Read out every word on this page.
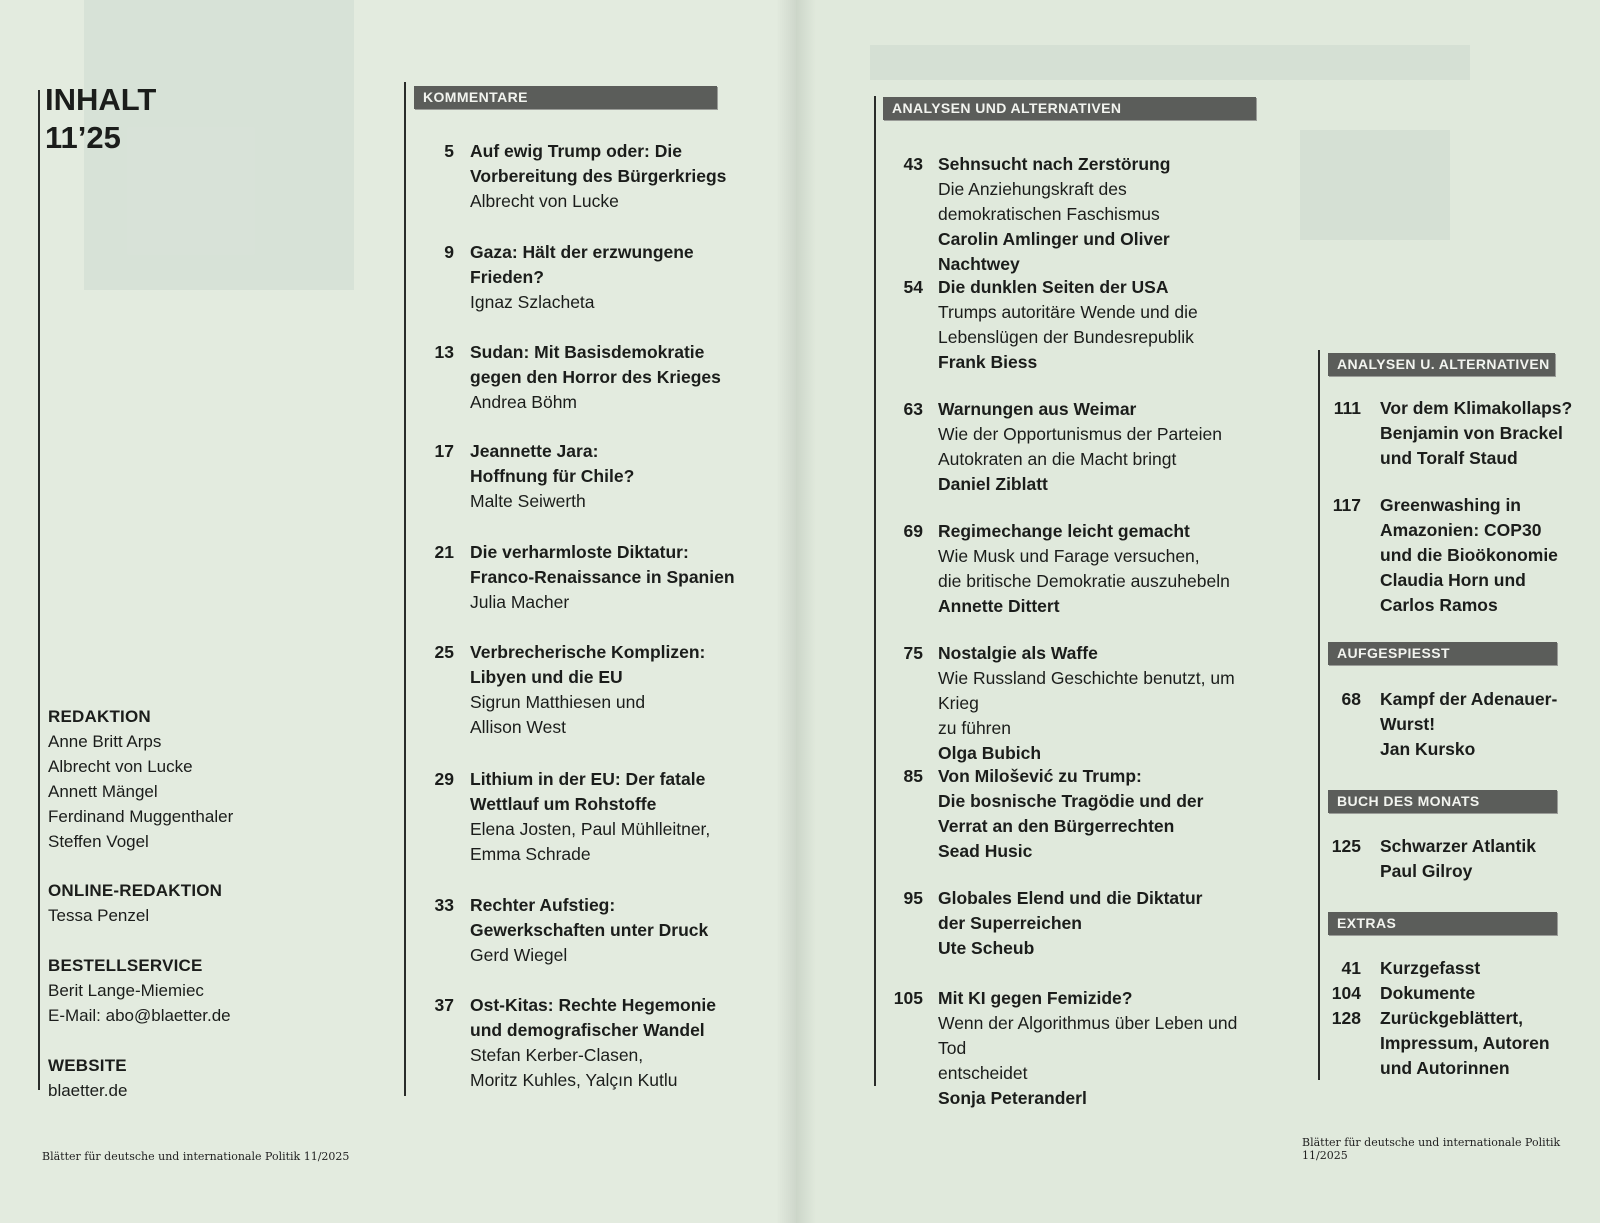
INHALT
11’25
REDAKTION
Anne Britt Arps
Albrecht von Lucke
Annett Mängel
Ferdinand Muggenthaler
Steffen Vogel
ONLINE-REDAKTION
Tessa Penzel
BESTELLSERVICE
Berit Lange-Miemiec
E-Mail: abo@blaetter.de
WEBSITE
blaetter.de
KOMMENTARE
ANALYSEN UND ALTERNATIVEN
ANALYSEN U. ALTERNATIVEN
AUFGESPIESST
BUCH DES MONATS
EXTRAS
5 Auf ewig Trump oder: Die
Vorbereitung des Bürgerkriegs
Albrecht von Lucke
9 Gaza: Hält der erzwungene
Frieden?
Ignaz Szlacheta
13 Sudan: Mit Basisdemokratie
gegen den Horror des Krieges
Andrea Böhm
17 Jeannette Jara:
Hoffnung für Chile?
Malte Seiwerth
21 Die verharmloste Diktatur:
Franco-Renaissance in Spanien
Julia Macher
25 Verbrecherische Komplizen:
Libyen und die EU
Sigrun Matthiesen und
Allison West
29 Lithium in der EU: Der fatale
Wettlauf um Rohstoffe
Elena Josten, Paul Mühlleitner,
Emma Schrade
33 Rechter Aufstieg:
Gewerkschaften unter Druck
Gerd Wiegel
37 Ost-Kitas: Rechte Hegemonie
und demografischer Wandel
Stefan Kerber-Clasen,
Moritz Kuhles, Yalçın Kutlu
43 Sehnsucht nach Zerstörung
Die Anziehungskraft des
demokratischen Faschismus
Carolin Amlinger und Oliver Nachtwey
54 Die dunklen Seiten der USA
Trumps autoritäre Wende und die
Lebenslügen der Bundesrepublik
Frank Biess
63 Warnungen aus Weimar
Wie der Opportunismus der Parteien
Autokraten an die Macht bringt
Daniel Ziblatt
69 Regimechange leicht gemacht
Wie Musk und Farage versuchen,
die britische Demokratie auszuhebeln
Annette Dittert
75 Nostalgie als Waffe
Wie Russland Geschichte benutzt, um Krieg
zu führen
Olga Bubich
85 Von Milošević zu Trump:
Die bosnische Tragödie und der
Verrat an den Bürgerrechten
Sead Husic
95 Globales Elend und die Diktatur
der Superreichen
Ute Scheub
105 Mit KI gegen Femizide?
Wenn der Algorithmus über Leben und Tod
entscheidet
Sonja Peteranderl
111 Vor dem Klimakollaps?
Benjamin von Brackel
und Toralf Staud
117 Greenwashing in
Amazonien: COP30
und die Bioökonomie
Claudia Horn und
Carlos Ramos
68 Kampf der Adenauer-
Wurst!
Jan Kursko
125 Schwarzer Atlantik
Paul Gilroy
41 Kurzgefasst
104 Dokumente
128 Zurückgeblättert,
Impressum, Autoren
und Autorinnen
Blätter für deutsche und internationale Politik 11/2025
Blätter für deutsche und internationale Politik 11/2025
